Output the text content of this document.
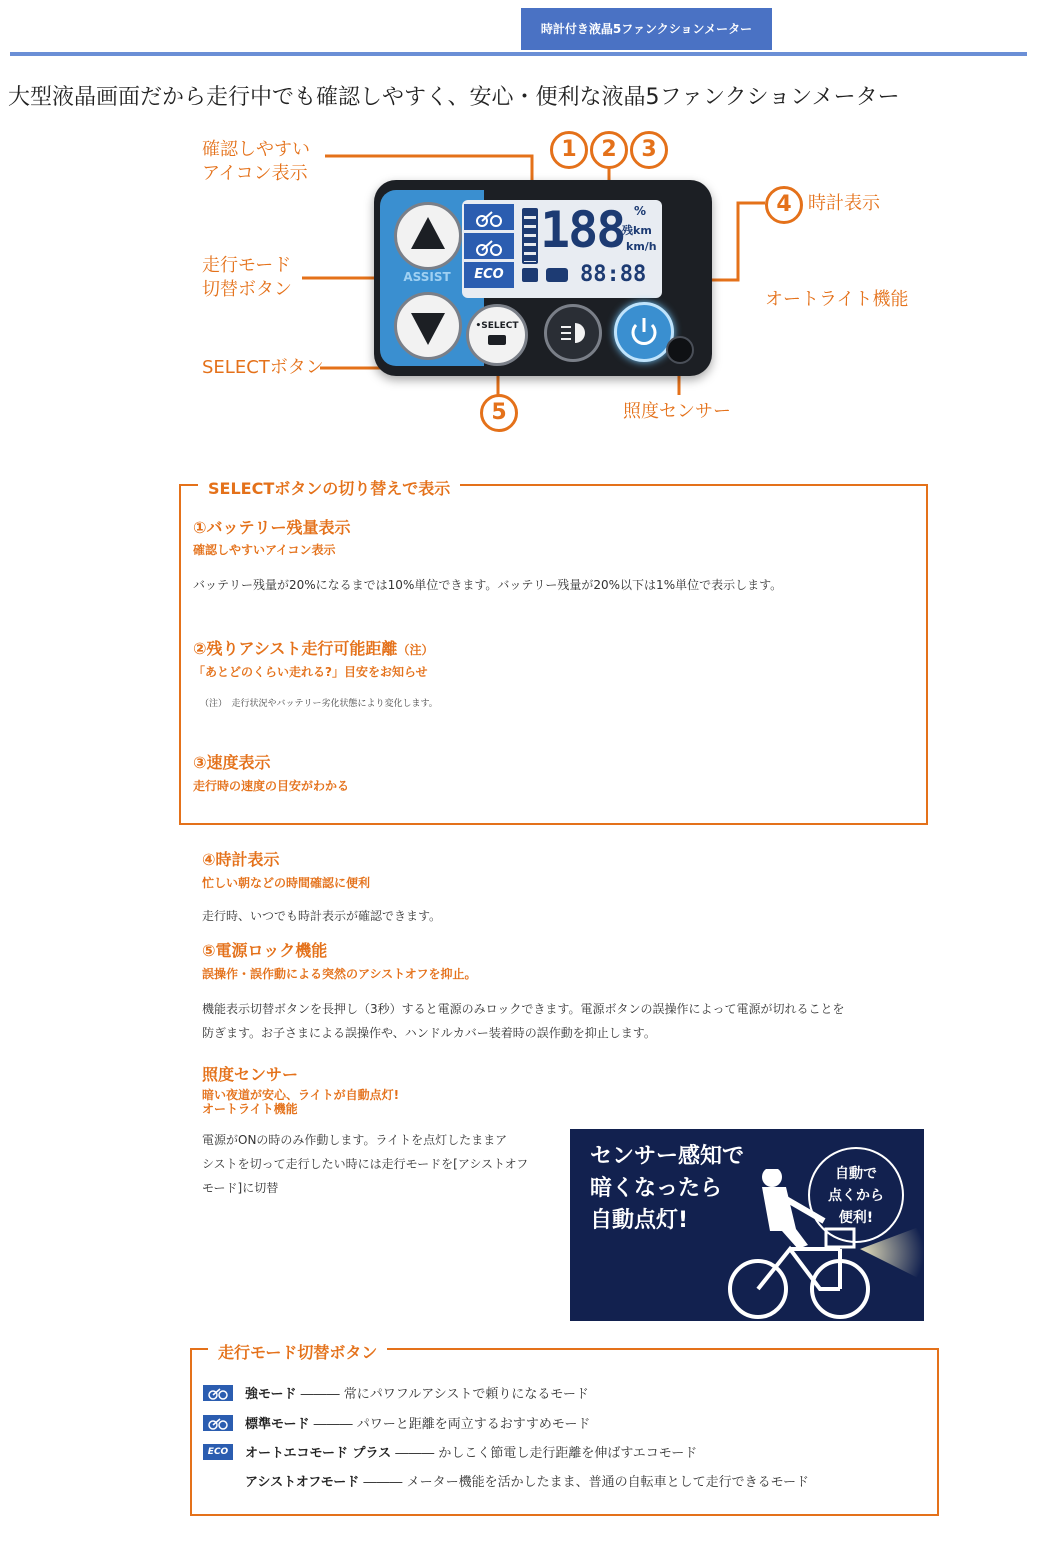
時計付き液晶5ファンクションメーター
大型液晶画面だから走行中でも確認しやすく、安心・便利な液晶5ファンクションメーター
確認しやすい
アイコン表示
走行モード
切替ボタン
SELECTボタン
時計表示
オートライト機能
照度センサー
1	2	3
4
5
ASSIST	ECO
188 %
残km
km/h
88:88
•SELECT
SELECTボタンの切り替えで表示
①バッテリー残量表示
確認しやすいアイコン表示
バッテリー残量が20%になるまでは10%単位できます。バッテリー残量が20%以下は1%単位で表示します。
②残りアシスト走行可能距離（注）
「あとどのくらい走れる?」目安をお知らせ
（注）　走行状況やバッテリー劣化状態により変化します。
③速度表示
走行時の速度の目安がわかる
④時計表示
忙しい朝などの時間確認に便利
走行時、いつでも時計表示が確認できます。
⑤電源ロック機能
誤操作・誤作動による突然のアシストオフを抑止。
機能表示切替ボタンを長押し（3秒）すると電源のみロックできます。電源ボタンの誤操作によって電源が切れることを
防ぎます。お子さまによる誤操作や、ハンドルカバー装着時の誤作動を抑止します。
照度センサー
暗い夜道が安心、ライトが自動点灯!
オートライト機能
電源がONの時のみ作動します。ライトを点灯したままア
シストを切って走行したい時には走行モードを[アシストオフ
モード]に切替
センサー感知で
暗くなったら
自動点灯!
自動で
点くから
便利!
走行モード切替ボタン
強モード ――― 常にパワフルアシストで頼りになるモード
標準モード ――― パワーと距離を両立するおすすめモード
ECO	オートエコモード プラス ――― かしこく節電し走行距離を伸ばすエコモード
アシストオフモード ――― メーター機能を活かしたまま、普通の自転車として走行できるモード
